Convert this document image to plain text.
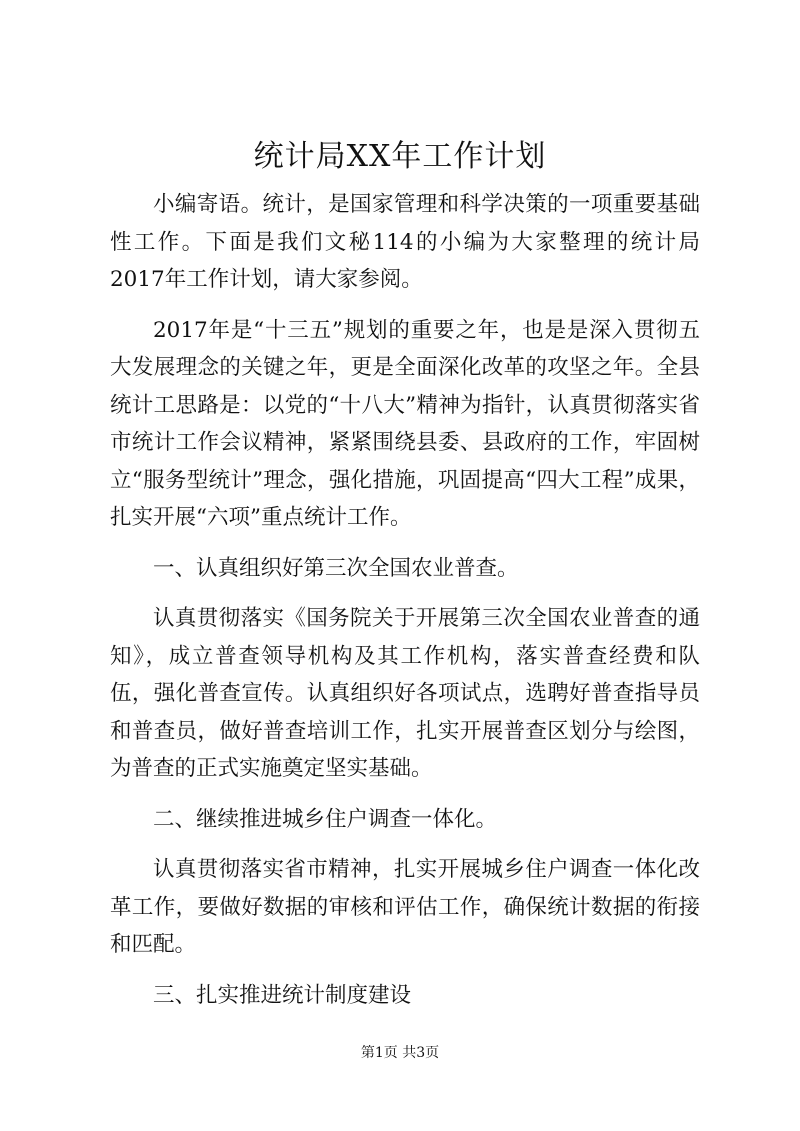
统计局XX年工作计划

小编寄语。统计，是国家管理和科学决策的一项重要基础性工作。下面是我们文秘114的小编为大家整理的统计局2017年工作计划，请大家参阅。

2017年是“十三五”规划的重要之年，也是是深入贯彻五大发展理念的关键之年，更是全面深化改革的攻坚之年。全县统计工思路是：以党的“十八大”精神为指针，认真贯彻落实省市统计工作会议精神，紧紧围绕县委、县政府的工作，牢固树立“服务型统计”理念，强化措施，巩固提高“四大工程”成果，扎实开展“六项”重点统计工作。

一、认真组织好第三次全国农业普查。

认真贯彻落实《国务院关于开展第三次全国农业普查的通知》，成立普查领导机构及其工作机构，落实普查经费和队伍，强化普查宣传。认真组织好各项试点，选聘好普查指导员和普查员，做好普查培训工作，扎实开展普查区划分与绘图，为普查的正式实施奠定坚实基础。

二、继续推进城乡住户调查一体化。

认真贯彻落实省市精神，扎实开展城乡住户调查一体化改革工作，要做好数据的审核和评估工作，确保统计数据的衔接和匹配。

三、扎实推进统计制度建设

第1页 共3页
